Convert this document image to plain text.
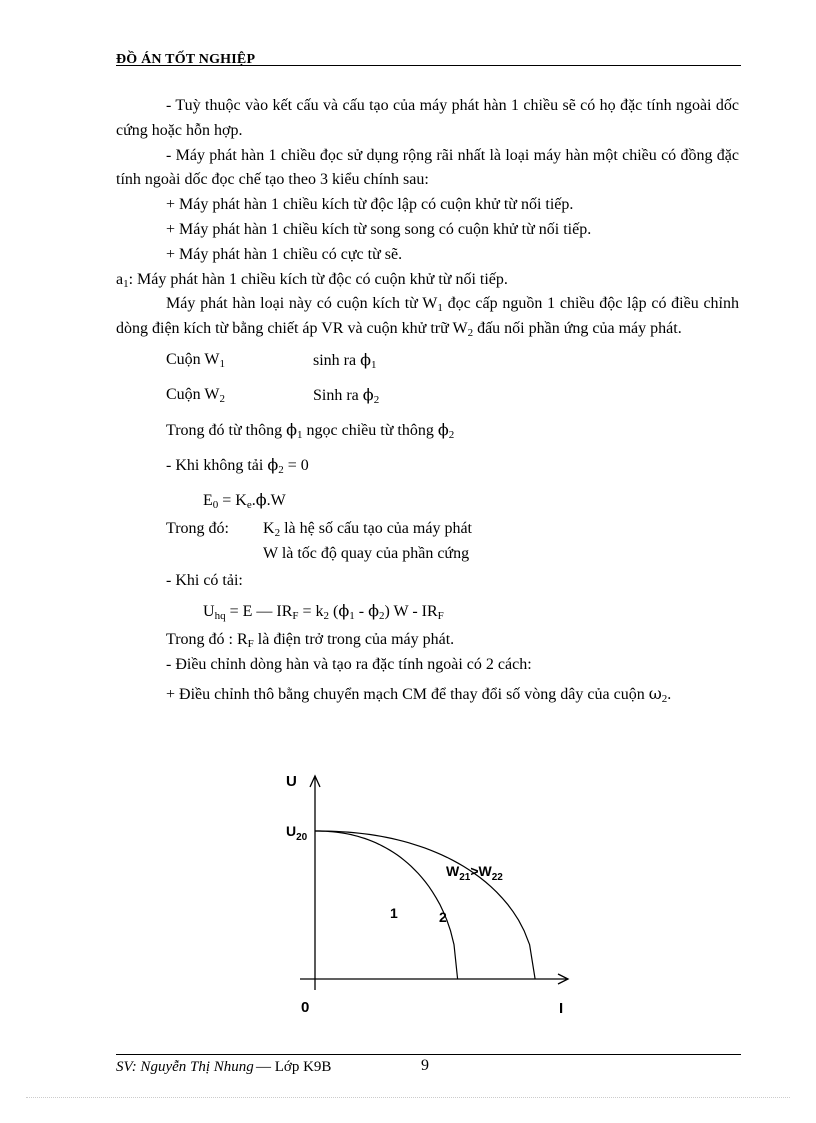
ĐỒ ÁN TỐT NGHIỆP

- Tuỳ thuộc vào kết cấu và cấu tạo của máy phát hàn 1 chiều sẽ có họ đặc tính ngoài dốc cứng hoặc hỗn hợp.

- Máy phát hàn 1 chiều đọc sử dụng rộng rãi nhất là loại máy hàn một chiều có đồng đặc tính ngoài dốc đọc chế tạo theo 3 kiểu chính sau:

+ Máy phát hàn 1 chiều kích từ độc lập có cuộn khử từ nối tiếp.

+ Máy phát hàn 1 chiều kích từ song song có cuộn khử từ nối tiếp.

+ Máy phát hàn 1 chiều có cực từ sẽ.

$a_1$: Máy phát hàn 1 chiều kích từ độc có cuộn khử từ nối tiếp.

Máy phát hàn loại này có cuộn kích từ $W_1$ đọc cấp nguồn 1 chiều độc lập có điều chỉnh dòng điện kích từ bằng chiết áp VR và cuộn khử trữ $W_2$ đấu nối phần ứng của máy phát.

Cuộn $W_1$	sinh ra $\phi_1$

Cuộn $W_2$	Sinh ra $\phi_2$

Trong đó từ thông $\phi_1$ ngọc chiều từ thông $\phi_2$

- Khi không tải $\phi_2 = 0$

$E_0 = K_e.\phi.W$

Trong đó: $K_2$ là hệ số cấu tạo của máy phát

W là tốc độ quay của phần cứng

- Khi có tải:

$U_{hq} = E$ — $IR_F = k_2$ $(\phi_1 - \phi_2)$ W - $IR_F$

Trong đó : $R_F$ là điện trở trong của máy phát.

- Điều chỉnh dòng hàn và tạo ra đặc tính ngoài có 2 cách:

+ Điều chỉnh thô bằng chuyển mạch CM để thay đổi số vòng dây của cuộn $\omega_2$.

U
$U_{20}$
0	I
1	2
$W_{21}>W_{22}$
SV: Nguyễn Thị Nhung — Lớp K9B	9
